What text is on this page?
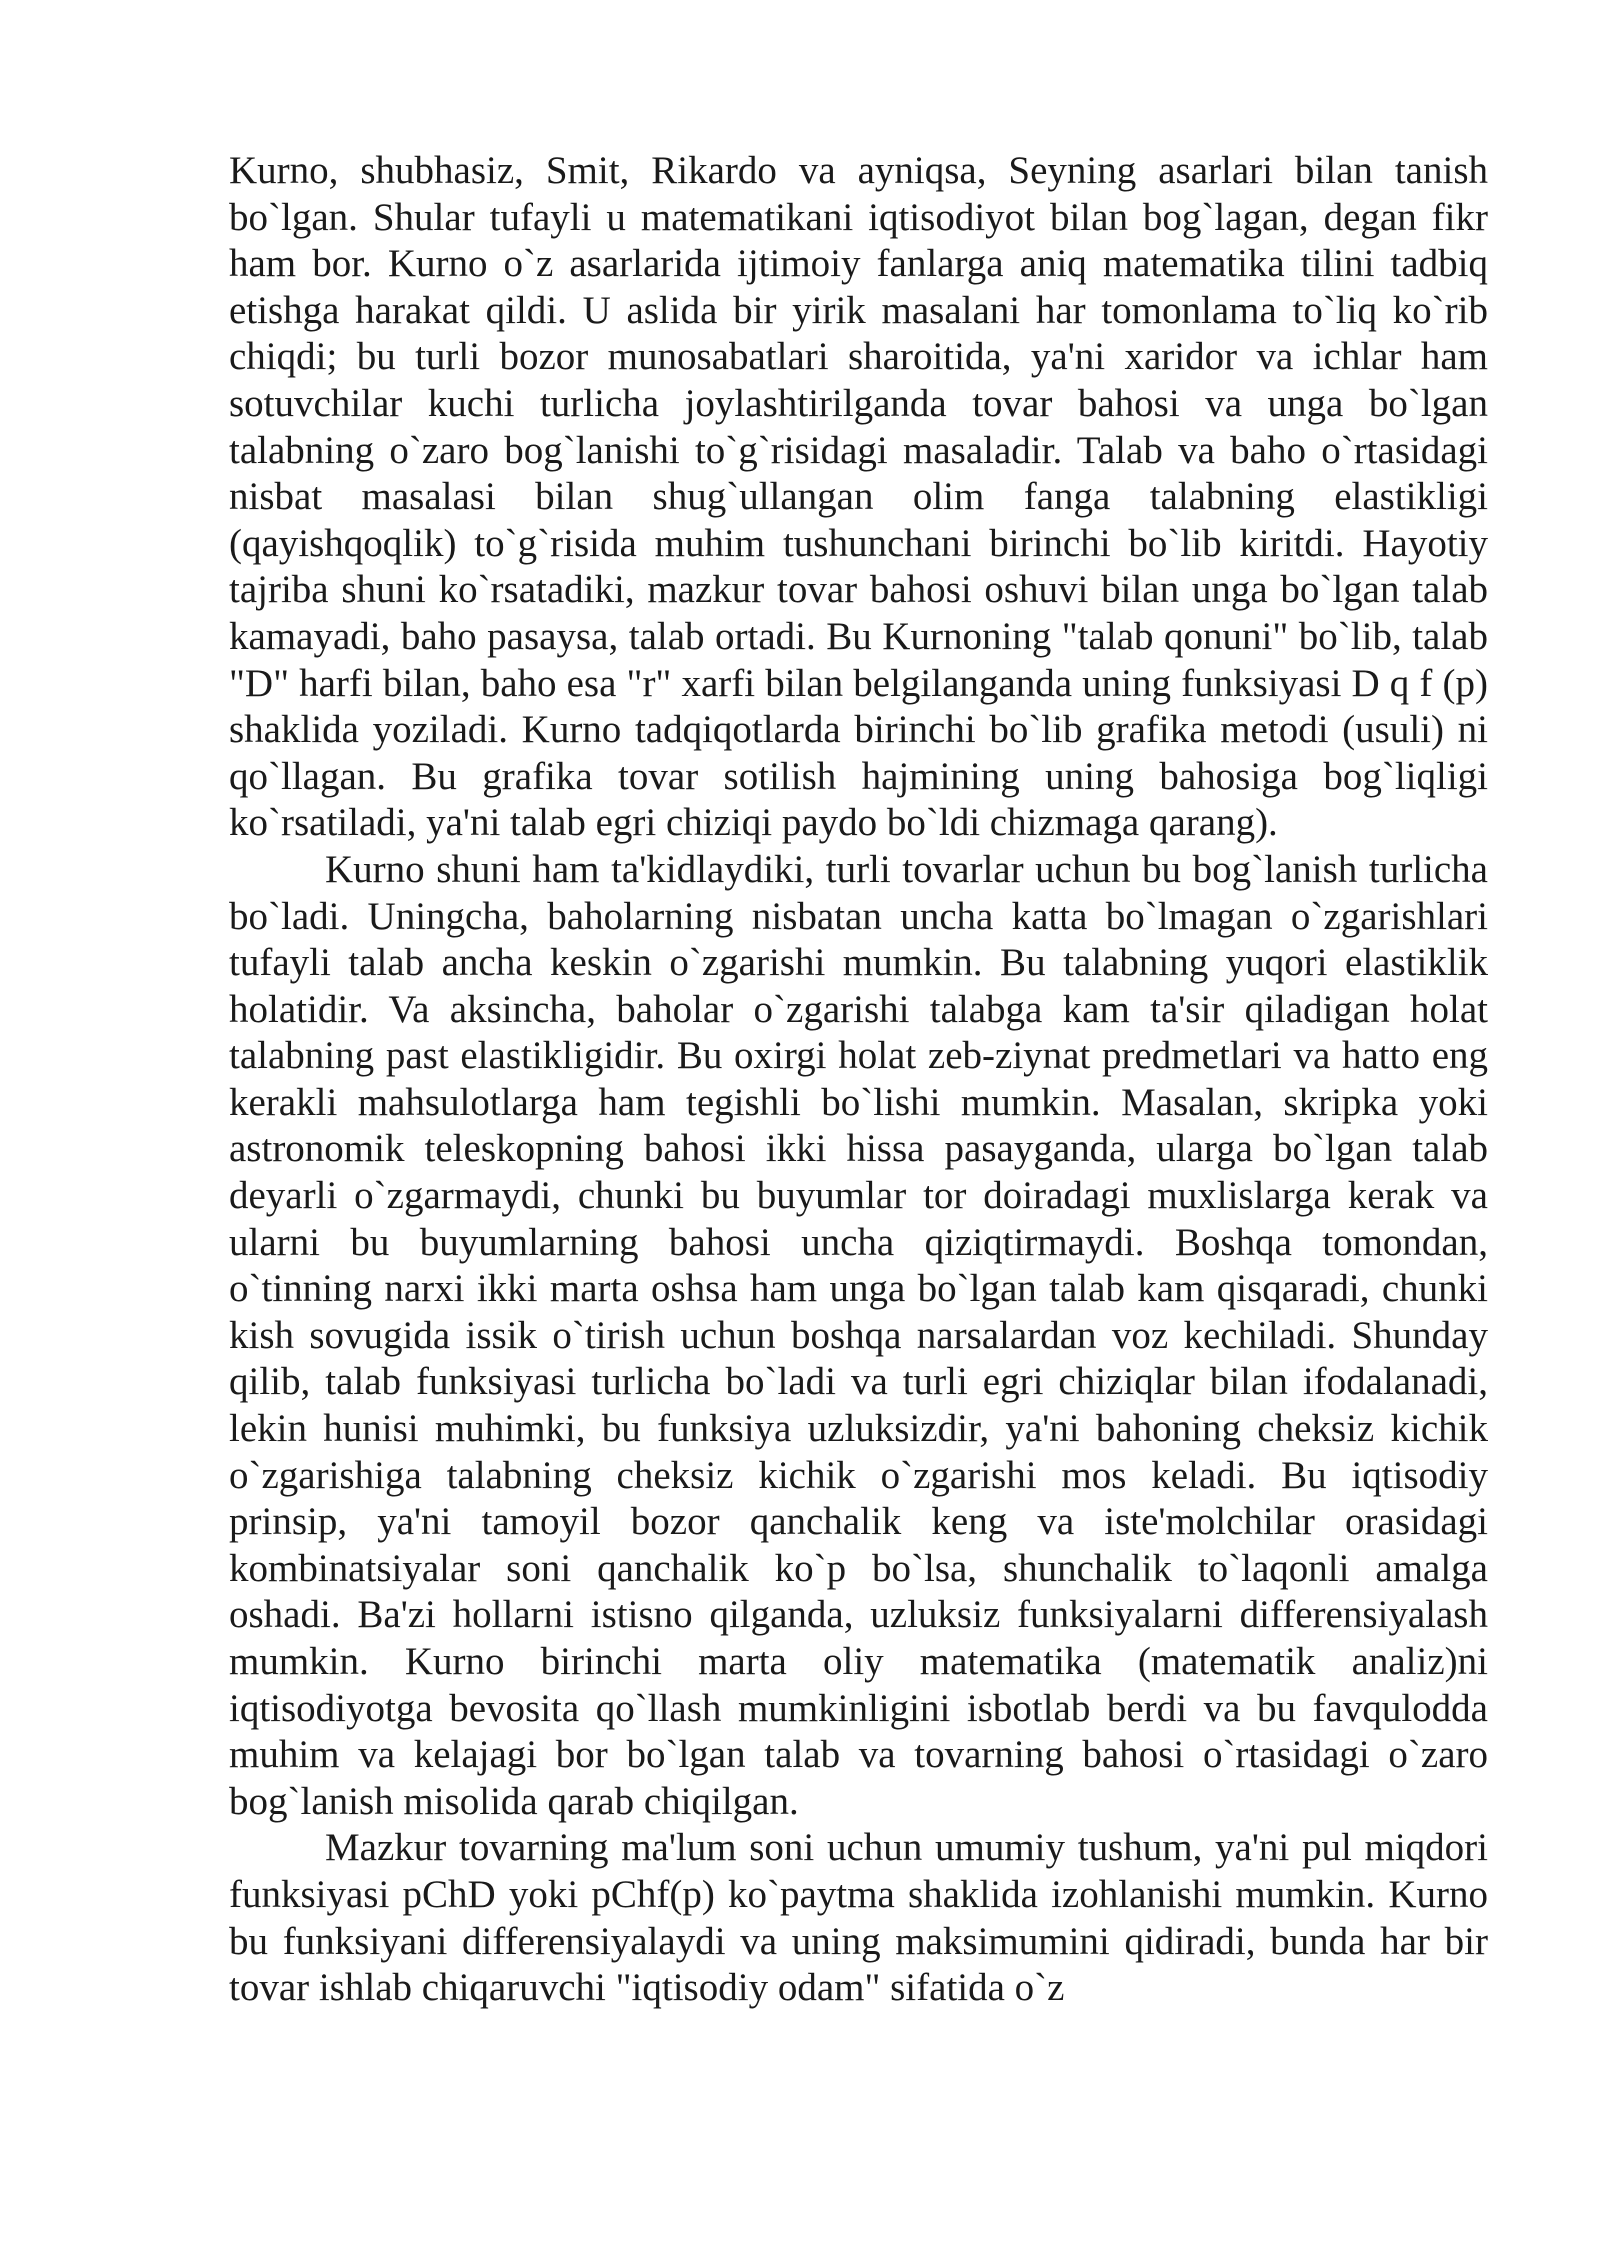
Kurno, shubhasiz, Smit, Rikardo va ayniqsa, Seyning asarlari bilan tanish bo`lgan. Shular tufayli u matematikani iqtisodiyot bilan bog`lagan, degan fikr ham bor. Kurno o`z asarlarida ijtimoiy fanlarga aniq matematika tilini tadbiq etishga harakat qildi. U aslida bir yirik masalani har tomonlama to`liq ko`rib chiqdi; bu turli bozor munosabatlari sharoitida, ya'ni xaridor va ichlar ham sotuvchilar kuchi turlicha joylashtirilganda tovar bahosi va unga bo`lgan talabning o`zaro bog`lanishi to`g`risidagi masaladir. Talab va baho o`rtasidagi nisbat masalasi bilan shug`ullangan olim fanga talabning elastikligi (qayishqoqlik) to`g`risida muhim tushunchani birinchi bo`lib kiritdi. Hayotiy tajriba shuni ko`rsatadiki, mazkur tovar bahosi oshuvi bilan unga bo`lgan talab kamayadi, baho pasaysa, talab ortadi. Bu Kurnoning "talab qonuni" bo`lib, talab "D" harfi bilan, baho esa "r" xarfi bilan belgilanganda uning funksiyasi D q f (p) shaklida yoziladi. Kurno tadqiqotlarda birinchi bo`lib grafika metodi (usuli) ni qo`llagan. Bu grafika tovar sotilish hajmining uning bahosiga bog`liqligi ko`rsatiladi, ya'ni talab egri chiziqi paydo bo`ldi chizmaga qarang).

Kurno shuni ham ta'kidlaydiki, turli tovarlar uchun bu bog`lanish turlicha bo`ladi. Uningcha, baholarning nisbatan uncha katta bo`lmagan o`zgarishlari tufayli talab ancha keskin o`zgarishi mumkin. Bu talabning yuqori elastiklik holatidir. Va aksincha, baholar o`zgarishi talabga kam ta'sir qiladigan holat talabning past elastikligidir. Bu oxirgi holat zeb-ziynat predmetlari va hatto eng kerakli mahsulotlarga ham tegishli bo`lishi mumkin. Masalan, skripka yoki astronomik teleskopning bahosi ikki hissa pasayganda, ularga bo`lgan talab deyarli o`zgarmaydi, chunki bu buyumlar tor doiradagi muxlislarga kerak va ularni bu buyumlarning bahosi uncha qiziqtirmaydi. Boshqa tomondan, o`tinning narxi ikki marta oshsa ham unga bo`lgan talab kam qisqaradi, chunki kish sovugida issik o`tirish uchun boshqa narsalardan voz kechiladi. Shunday qilib, talab funksiyasi turlicha bo`ladi va turli egri chiziqlar bilan ifodalanadi, lekin hunisi muhimki, bu funksiya uzluksizdir, ya'ni bahoning cheksiz kichik o`zgarishiga talabning cheksiz kichik o`zgarishi mos keladi. Bu iqtisodiy prinsip, ya'ni tamoyil bozor qanchalik keng va iste'molchilar orasidagi kombinatsiyalar soni qanchalik ko`p bo`lsa, shunchalik to`laqonli amalga oshadi. Ba'zi hollarni istisno qilganda, uzluksiz funksiyalarni differensiyalash mumkin. Kurno birinchi marta oliy matematika (matematik analiz)ni iqtisodiyotga bevosita qo`llash mumkinligini isbotlab berdi va bu favqulodda muhim va kelajagi bor bo`lgan talab va tovarning bahosi o`rtasidagi o`zaro bog`lanish misolida qarab chiqilgan.

Mazkur tovarning ma'lum soni uchun umumiy tushum, ya'ni pul miqdori funksiyasi pChD yoki pChf(p) ko`paytma shaklida izohlanishi mumkin. Kurno bu funksiyani differensiyalaydi va uning maksimumini qidiradi, bunda har bir tovar ishlab chiqaruvchi "iqtisodiy odam" sifatida o`z
